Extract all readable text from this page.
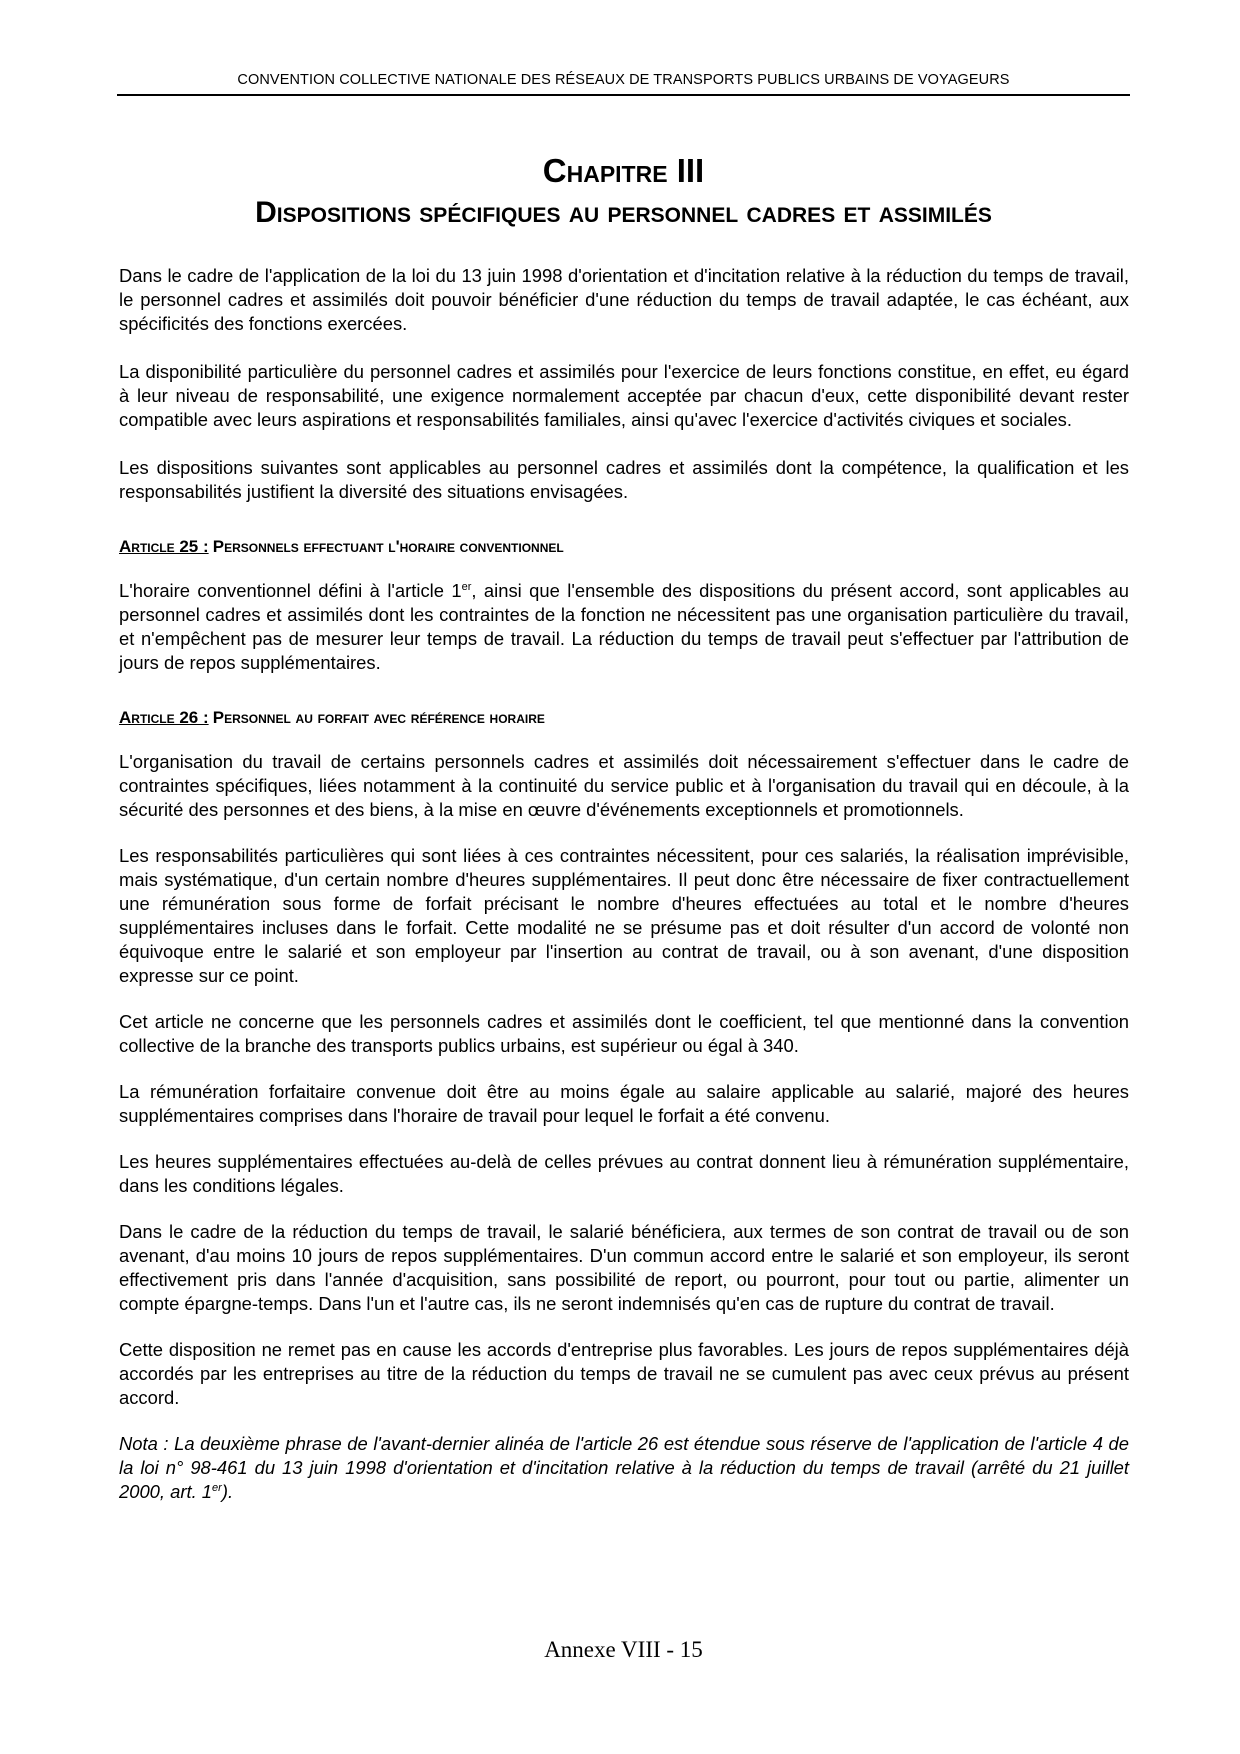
CONVENTION COLLECTIVE NATIONALE DES RÉSEAUX DE TRANSPORTS PUBLICS URBAINS DE VOYAGEURS
Chapitre III
Dispositions spécifiques au personnel cadres et assimilés

Dans le cadre de l'application de la loi du 13 juin 1998 d'orientation et d'incitation relative à la réduction du temps de travail, le personnel cadres et assimilés doit pouvoir bénéficier d'une réduction du temps de travail adaptée, le cas échéant, aux spécificités des fonctions exercées.

La disponibilité particulière du personnel cadres et assimilés pour l'exercice de leurs fonctions constitue, en effet, eu égard à leur niveau de responsabilité, une exigence normalement acceptée par chacun d'eux, cette disponibilité devant rester compatible avec leurs aspirations et responsabilités familiales, ainsi qu'avec l'exercice d'activités civiques et sociales.

Les dispositions suivantes sont applicables au personnel cadres et assimilés dont la compétence, la qualification et les responsabilités justifient la diversité des situations envisagées.

Article 25 : Personnels effectuant l'horaire conventionnel

L'horaire conventionnel défini à l'article 1er, ainsi que l'ensemble des dispositions du présent accord, sont applicables au personnel cadres et assimilés dont les contraintes de la fonction ne nécessitent pas une organisation particulière du travail, et n'empêchent pas de mesurer leur temps de travail. La réduction du temps de travail peut s'effectuer par l'attribution de jours de repos supplémentaires.

Article 26 : Personnel au forfait avec référence horaire

L'organisation du travail de certains personnels cadres et assimilés doit nécessairement s'effectuer dans le cadre de contraintes spécifiques, liées notamment à la continuité du service public et à l'organisation du travail qui en découle, à la sécurité des personnes et des biens, à la mise en œuvre d'événements exceptionnels et promotionnels.

Les responsabilités particulières qui sont liées à ces contraintes nécessitent, pour ces salariés, la réalisation imprévisible, mais systématique, d'un certain nombre d'heures supplémentaires. Il peut donc être nécessaire de fixer contractuellement une rémunération sous forme de forfait précisant le nombre d'heures effectuées au total et le nombre d'heures supplémentaires incluses dans le forfait. Cette modalité ne se présume pas et doit résulter d'un accord de volonté non équivoque entre le salarié et son employeur par l'insertion au contrat de travail, ou à son avenant, d'une disposition expresse sur ce point.

Cet article ne concerne que les personnels cadres et assimilés dont le coefficient, tel que mentionné dans la convention collective de la branche des transports publics urbains, est supérieur ou égal à 340.

La rémunération forfaitaire convenue doit être au moins égale au salaire applicable au salarié, majoré des heures supplémentaires comprises dans l'horaire de travail pour lequel le forfait a été convenu.

Les heures supplémentaires effectuées au-delà de celles prévues au contrat donnent lieu à rémunération supplémentaire, dans les conditions légales.

Dans le cadre de la réduction du temps de travail, le salarié bénéficiera, aux termes de son contrat de travail ou de son avenant, d'au moins 10 jours de repos supplémentaires. D'un commun accord entre le salarié et son employeur, ils seront effectivement pris dans l'année d'acquisition, sans possibilité de report, ou pourront, pour tout ou partie, alimenter un compte épargne-temps. Dans l'un et l'autre cas, ils ne seront indemnisés qu'en cas de rupture du contrat de travail.

Cette disposition ne remet pas en cause les accords d'entreprise plus favorables. Les jours de repos supplémentaires déjà accordés par les entreprises au titre de la réduction du temps de travail ne se cumulent pas avec ceux prévus au présent accord.

Nota : La deuxième phrase de l'avant-dernier alinéa de l'article 26 est étendue sous réserve de l'application de l'article 4 de la loi n° 98-461 du 13 juin 1998 d'orientation et d'incitation relative à la réduction du temps de travail (arrêté du 21 juillet 2000, art. 1er).

Annexe VIII - 15
